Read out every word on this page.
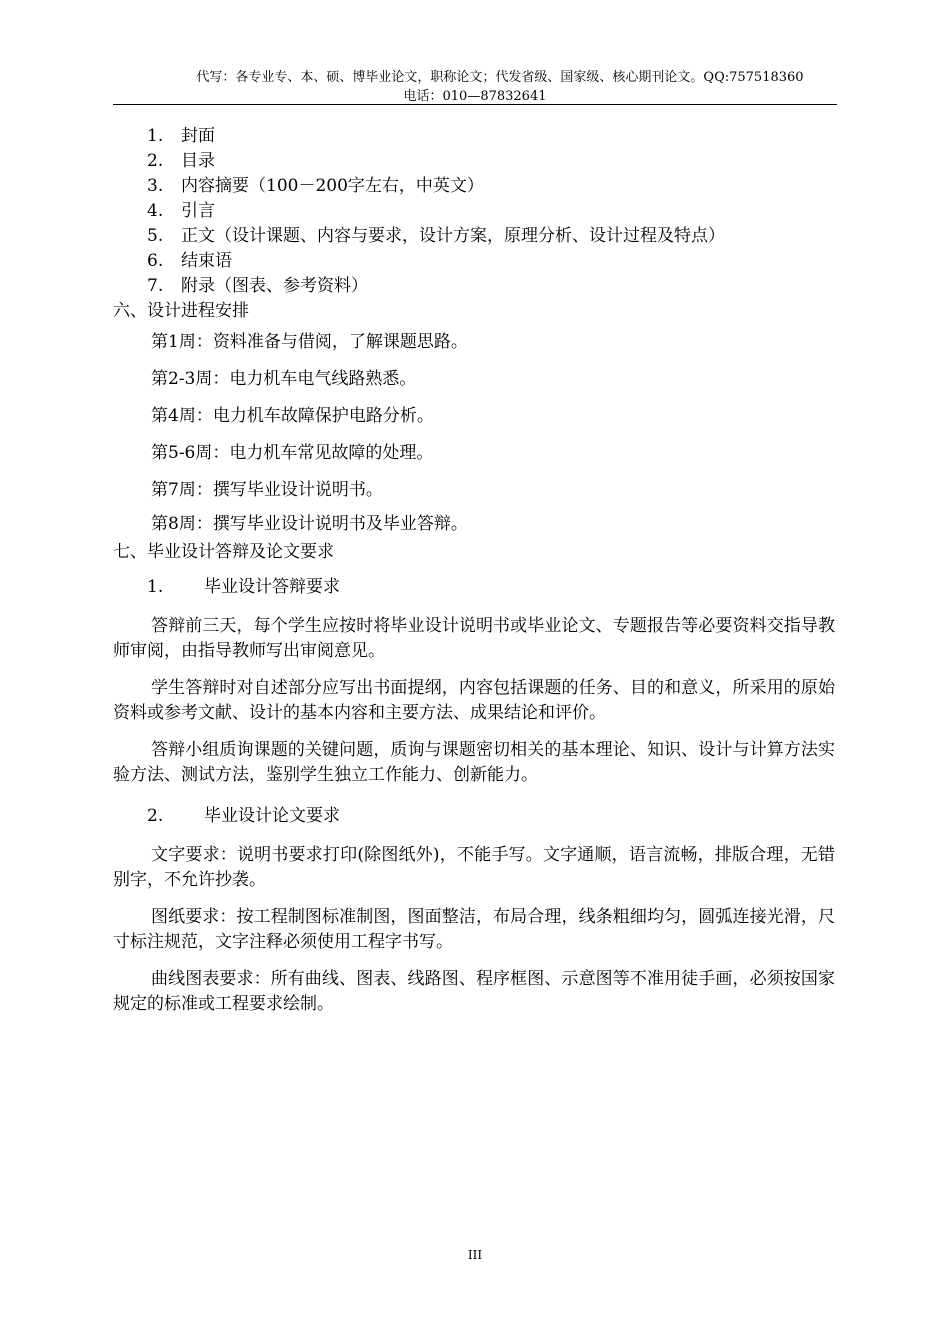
代写：各专业专、本、硕、博毕业论文，职称论文；代发省级、国家级、核心期刊论文。QQ:757518360
电话：010—87832641
1. 封面
2. 目录
3. 内容摘要（100－200字左右，中英文）
4. 引言
5. 正文（设计课题、内容与要求，设计方案，原理分析、设计过程及特点）
6. 结束语
7. 附录（图表、参考资料）
六、设计进程安排
第1周：资料准备与借阅，了解课题思路。
第2-3周：电力机车电气线路熟悉。
第4周：电力机车故障保护电路分析。
第5-6周：电力机车常见故障的处理。
第7周：撰写毕业设计说明书。
第8周：撰写毕业设计说明书及毕业答辩。
七、毕业设计答辩及论文要求
1. 毕业设计答辩要求

答辩前三天，每个学生应按时将毕业设计说明书或毕业论文、专题报告等必要资料交指导教师审阅，由指导教师写出审阅意见。

学生答辩时对自述部分应写出书面提纲，内容包括课题的任务、目的和意义，所采用的原始资料或参考文献、设计的基本内容和主要方法、成果结论和评价。

答辩小组质询课题的关键问题，质询与课题密切相关的基本理论、知识、设计与计算方法实验方法、测试方法，鉴别学生独立工作能力、创新能力。

2. 毕业设计论文要求

文字要求：说明书要求打印(除图纸外)，不能手写。文字通顺，语言流畅，排版合理，无错别字，不允许抄袭。

图纸要求：按工程制图标准制图，图面整洁，布局合理，线条粗细均匀，圆弧连接光滑，尺寸标注规范，文字注释必须使用工程字书写。

曲线图表要求：所有曲线、图表、线路图、程序框图、示意图等不准用徒手画，必须按国家规定的标准或工程要求绘制。

III
